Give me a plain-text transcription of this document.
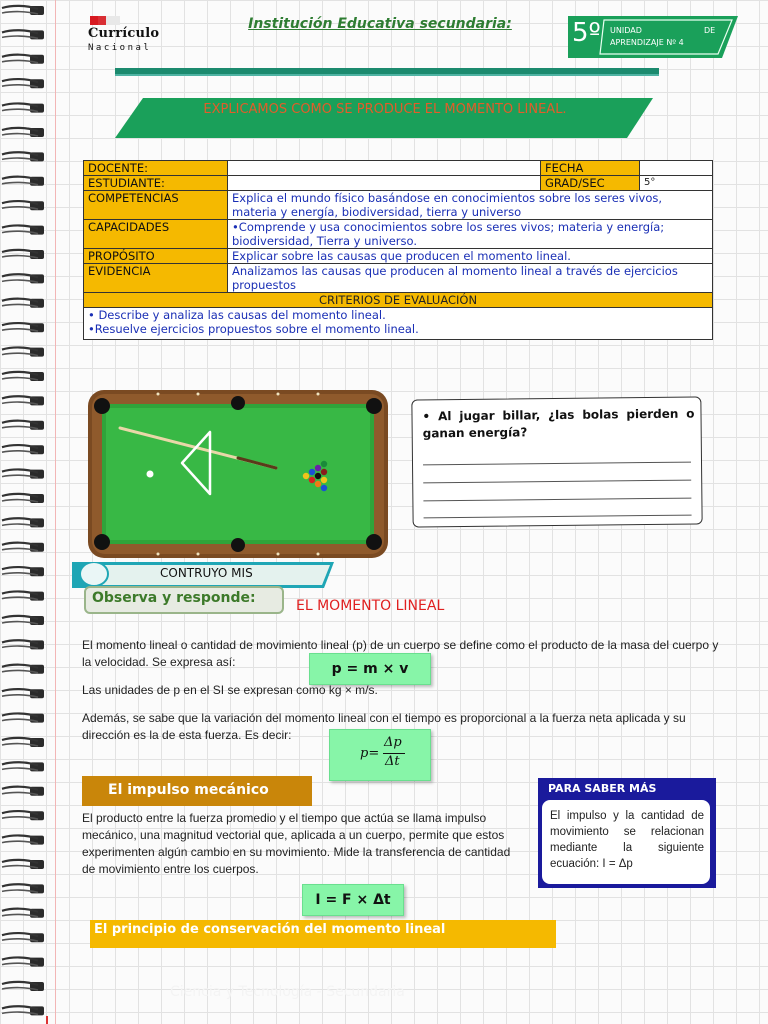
Currículo
Nacional
Institución Educativa secundaria:	5º UNIDAD	DE
APRENDIZAJE Nº 4
EXPLICAMOS COMO SE PRODUCE EL MOMENTO LINEAL.
DOCENTE:		FECHA	
ESTUDIANTE:		GRAD/SEC	5°
COMPETENCIAS	Explica el mundo físico basándose en conocimientos sobre los seres vivos, materia y energía, biodiversidad, tierra y universo		
CAPACIDADES	•Comprende y usa conocimientos sobre los seres vivos; materia y energía; biodiversidad, Tierra y universo.		
PROPÓSITO	Explicar sobre las causas que producen el momento lineal.		
EVIDENCIA	Analizamos las causas que producen al momento lineal a través de ejercicios propuestos		
CRITERIOS DE EVALUACIÓN			

• Describe y analiza las causas del momento lineal.
•Resuelve ejercicios propuestos sobre el momento lineal.			
• Al jugar billar, ¿las bolas pierden o ganan energía?
CONTRUYO MIS
Observa y responde:	EL MOMENTO LINEAL
El momento lineal o cantidad de movimiento lineal (p) de un cuerpo se define como el producto de la masa del cuerpo y la velocidad. Se expresa así:	p = m × v
Las unidades de p en el SI se expresan como kg × m/s.
Además, se sabe que la variación del momento lineal con el tiempo es proporcional a la fuerza neta aplicada y su dirección es la de esta fuerza. Es decir:
p=
Δp
Δt
El impulso mecánico
El producto entre la fuerza promedio y el tiempo que actúa se llama impulso mecánico, una magnitud vectorial que, aplicada a un cuerpo, permite que estos experimenten algún cambio en su movimiento. Mide la transferencia de cantidad de movimiento entre los cuerpos.
I = F × Δt
PARA SABER MÁS
El impulso y la cantidad de movimiento se relacionan mediante la siguiente ecuación: I = Δp
El principio de conservación del momento lineal
Ciencia y Tecnología - Secundaria
